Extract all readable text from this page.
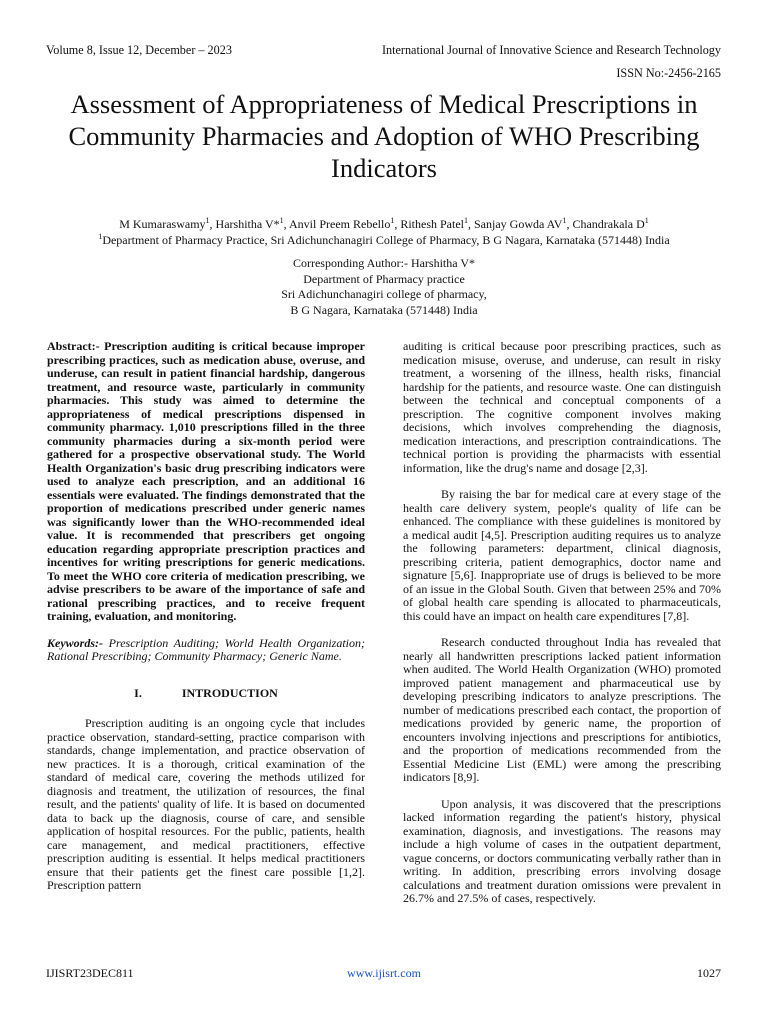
Volume 8, Issue 12, December – 2023	International Journal of Innovative Science and Research Technology
ISSN No:-2456-2165
Assessment of Appropriateness of Medical Prescriptions in Community Pharmacies and Adoption of WHO Prescribing Indicators
M Kumaraswamy$^1$, Harshitha V*$^1$, Anvil Preem Rebello$^1$, Rithesh Patel$^1$, Sanjay Gowda $AV^1$, Chandrakala $D^1$
$^1$Department of Pharmacy Practice, Sri Adichunchanagiri College of Pharmacy, B G Nagara, Karnataka (571448) India
Corresponding Author:- Harshitha V*
Department of Pharmacy practice
Sri Adichunchanagiri college of pharmacy,
B G Nagara, Karnataka (571448) India

Abstract:- Prescription auditing is critical because improper prescribing practices, such as medication abuse, overuse, and underuse, can result in patient financial hardship, dangerous treatment, and resource waste, particularly in community pharmacies. This study was aimed to determine the appropriateness of medical prescriptions dispensed in community pharmacy. 1,010 prescriptions filled in the three community pharmacies during a six-month period were gathered for a prospective observational study. The World Health Organization's basic drug prescribing indicators were used to analyze each prescription, and an additional 16 essentials were evaluated. The findings demonstrated that the proportion of medications prescribed under generic names was significantly lower than the WHO-recommended ideal value. It is recommended that prescribers get ongoing education regarding appropriate prescription practices and incentives for writing prescriptions for generic medications. To meet the WHO core criteria of medication prescribing, we advise prescribers to be aware of the importance of safe and rational prescribing practices, and to receive frequent training, evaluation, and monitoring.

Keywords:- Prescription Auditing; World Health Organization; Rational Prescribing; Community Pharmacy; Generic Name.

I.	INTRODUCTION

Prescription auditing is an ongoing cycle that includes practice observation, standard-setting, practice comparison with standards, change implementation, and practice observation of new practices. It is a thorough, critical examination of the standard of medical care, covering the methods utilized for diagnosis and treatment, the utilization of resources, the final result, and the patients' quality of life. It is based on documented data to back up the diagnosis, course of care, and sensible application of hospital resources. For the public, patients, health care management, and medical practitioners, effective prescription auditing is essential. It helps medical practitioners ensure that their patients get the finest care possible [1,2]. Prescription pattern

auditing is critical because poor prescribing practices, such as medication misuse, overuse, and underuse, can result in risky treatment, a worsening of the illness, health risks, financial hardship for the patients, and resource waste. One can distinguish between the technical and conceptual components of a prescription. The cognitive component involves making decisions, which involves comprehending the diagnosis, medication interactions, and prescription contraindications. The technical portion is providing the pharmacists with essential information, like the drug's name and dosage [2,3].

By raising the bar for medical care at every stage of the health care delivery system, people's quality of life can be enhanced. The compliance with these guidelines is monitored by a medical audit [4,5]. Prescription auditing requires us to analyze the following parameters: department, clinical diagnosis, prescribing criteria, patient demographics, doctor name and signature [5,6]. Inappropriate use of drugs is believed to be more of an issue in the Global South. Given that between 25% and 70% of global health care spending is allocated to pharmaceuticals, this could have an impact on health care expenditures [7,8].

Research conducted throughout India has revealed that nearly all handwritten prescriptions lacked patient information when audited. The World Health Organization (WHO) promoted improved patient management and pharmaceutical use by developing prescribing indicators to analyze prescriptions. The number of medications prescribed each contact, the proportion of medications provided by generic name, the proportion of encounters involving injections and prescriptions for antibiotics, and the proportion of medications recommended from the Essential Medicine List (EML) were among the prescribing indicators [8,9].

Upon analysis, it was discovered that the prescriptions lacked information regarding the patient's history, physical examination, diagnosis, and investigations. The reasons may include a high volume of cases in the outpatient department, vague concerns, or doctors communicating verbally rather than in writing. In addition, prescribing errors involving dosage calculations and treatment duration omissions were prevalent in 26.7% and 27.5% of cases, respectively.

IJISRT23DEC811	www.ijisrt.com	1027
